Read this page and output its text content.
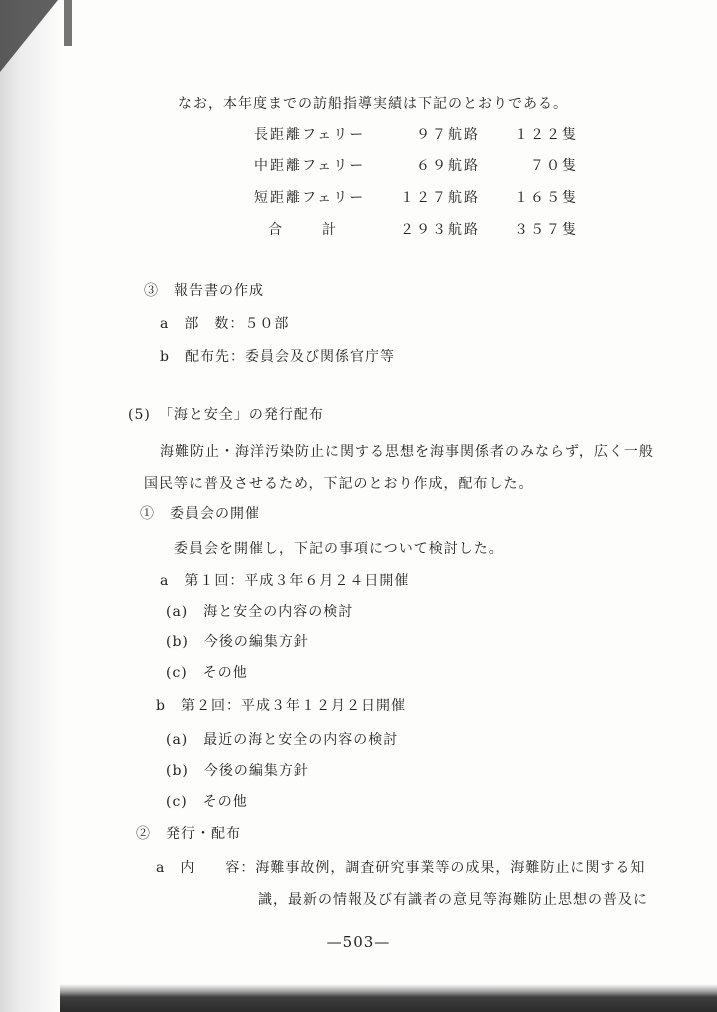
なお，本年度までの訪船指導実績は下記のとおりである。
長距離フェリー	９７航路	１２２隻
中距離フェリー	６９航路	７０隻
短距離フェリー	１２７航路	１６５隻
合　　計	２９３航路	３５７隻
③　報告書の作成
a　部　数：５０部
b　配布先：委員会及び関係官庁等
(5)　「海と安全」の発行配布
海難防止・海洋汚染防止に関する思想を海事関係者のみならず，広く一般
国民等に普及させるため，下記のとおり作成，配布した。
①　委員会の開催
委員会を開催し，下記の事項について検討した。
a　第１回：平成３年６月２４日開催
(a)　海と安全の内容の検討
(b)　今後の編集方針
(c)　その他
b　第２回：平成３年１２月２日開催
(a)　最近の海と安全の内容の検討
(b)　今後の編集方針
(c)　その他
②　発行・配布
a　内　　容：海難事故例，調査研究事業等の成果，海難防止に関する知
識，最新の情報及び有識者の意見等海難防止思想の普及に
—503—
